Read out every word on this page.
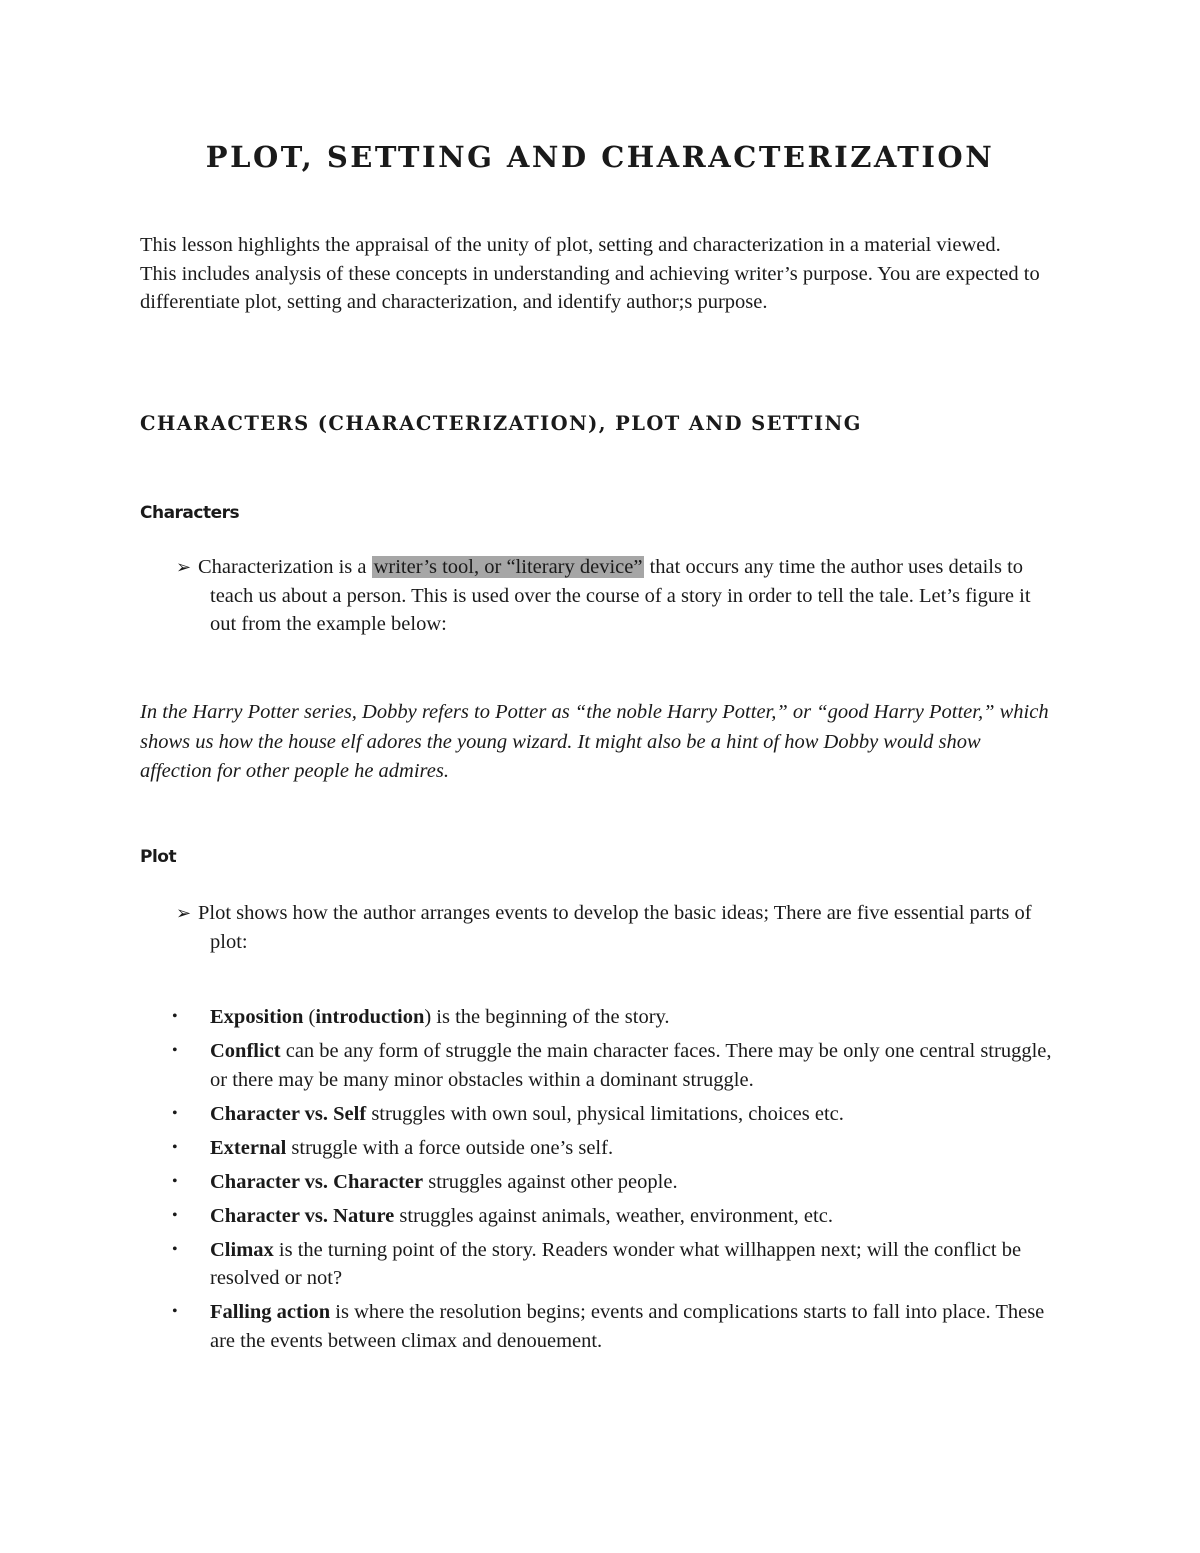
PLOT, SETTING AND CHARACTERIZATION

This lesson highlights the appraisal of the unity of plot, setting and characterization in a material viewed. This includes analysis of these concepts in understanding and achieving writer’s purpose. You are expected to differentiate plot, setting and characterization, and identify author;s purpose.

CHARACTERS (CHARACTERIZATION), PLOT AND SETTING
Characters

➢ Characterization is a writer’s tool, or “literary device” that occurs any time the author uses details to teach us about a person. This is used over the course of a story in order to tell the tale. Let’s figure it out from the example below:

In the Harry Potter series, Dobby refers to Potter as “the noble Harry Potter,” or “good Harry Potter,” which shows us how the house elf adores the young wizard. It might also be a hint of how Dobby would show affection for other people he admires.

Plot

➢ Plot shows how the author arranges events to develop the basic ideas; There are five essential parts of plot:

• Exposition (introduction) is the beginning of the story.
• Conflict can be any form of struggle the main character faces. There may be only one central struggle, or there may be many minor obstacles within a dominant struggle.
• Character vs. Self struggles with own soul, physical limitations, choices etc.
• External struggle with a force outside one’s self.
• Character vs. Character struggles against other people.
• Character vs. Nature struggles against animals, weather, environment, etc.
• Climax is the turning point of the story. Readers wonder what willhappen next; will the conflict be resolved or not?
• Falling action is where the resolution begins; events and complications starts to fall into place. These are the events between climax and denouement.
